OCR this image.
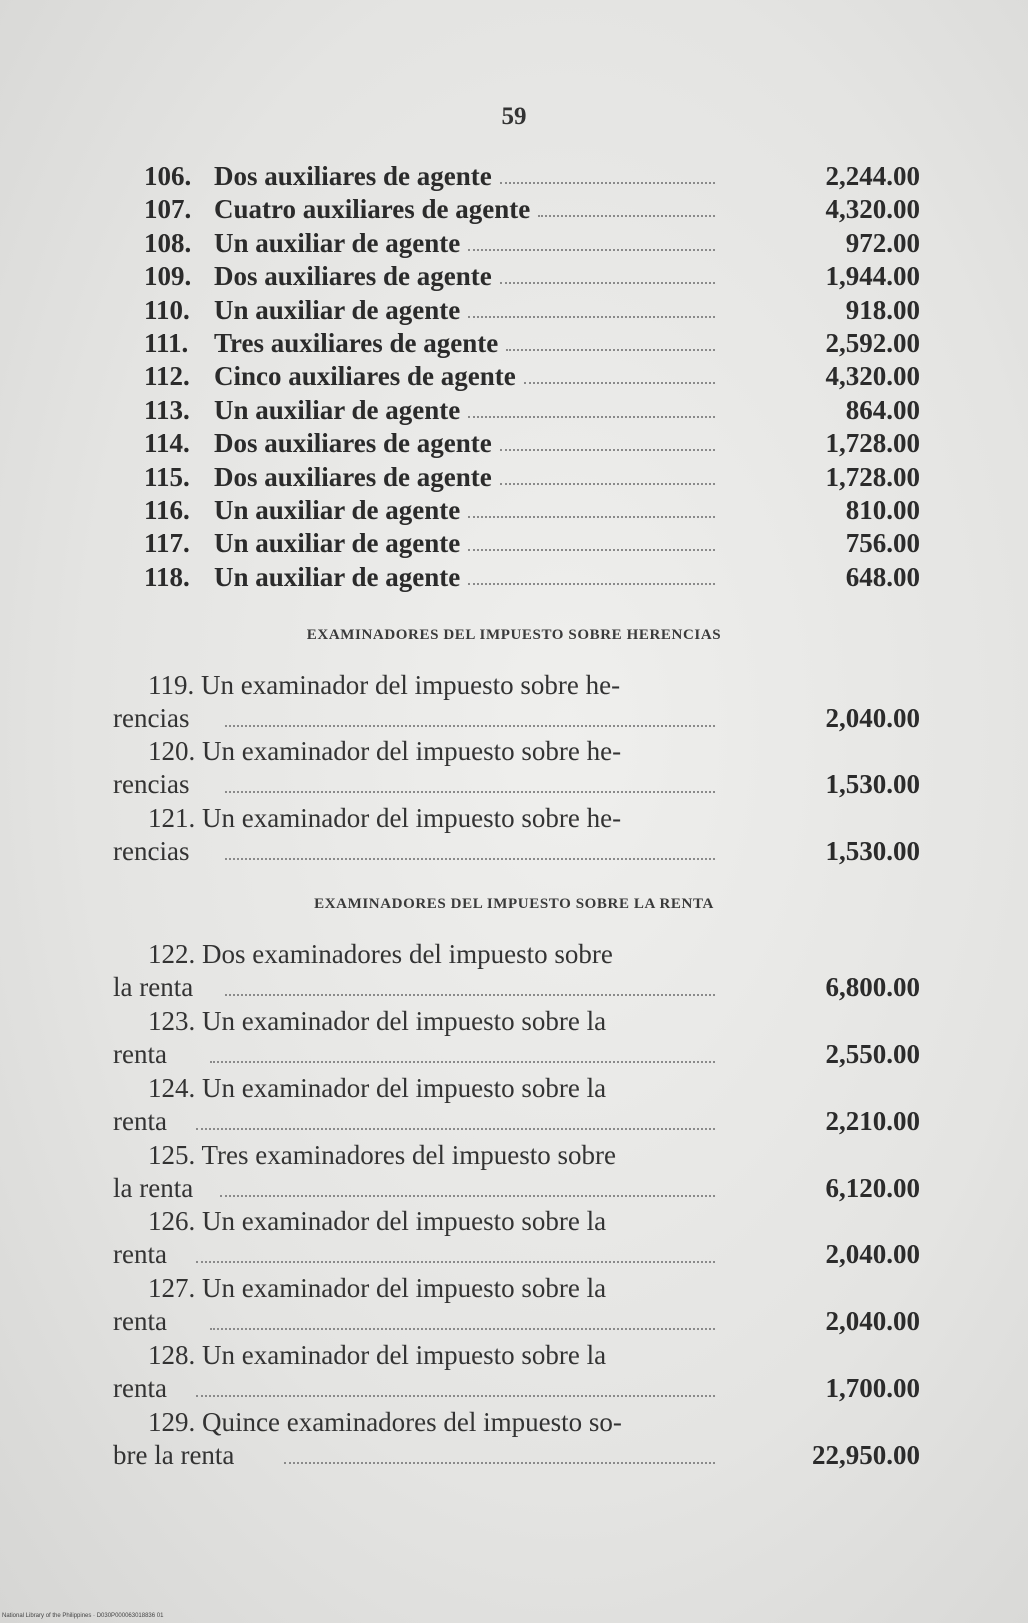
59
106. Dos auxiliares de agente	2,244.00
107. Cuatro auxiliares de agente	4,320.00
108. Un auxiliar de agente	972.00
109. Dos auxiliares de agente	1,944.00
110. Un auxiliar de agente	918.00
111. Tres auxiliares de agente	2,592.00
112. Cinco auxiliares de agente	4,320.00
113. Un auxiliar de agente	864.00
114. Dos auxiliares de agente	1,728.00
115. Dos auxiliares de agente	1,728.00
116. Un auxiliar de agente	810.00
117. Un auxiliar de agente	756.00
118. Un auxiliar de agente	648.00
EXAMINADORES DEL IMPUESTO SOBRE HERENCIAS
119. Un examinador del impuesto sobre he-
rencias	2,040.00
120. Un examinador del impuesto sobre he-
rencias	1,530.00
121. Un examinador del impuesto sobre he-
rencias	1,530.00
EXAMINADORES DEL IMPUESTO SOBRE LA RENTA
122. Dos examinadores del impuesto sobre
la renta	6,800.00
123. Un examinador del impuesto sobre la
renta	2,550.00
124. Un examinador del impuesto sobre la
renta	2,210.00
125. Tres examinadores del impuesto sobre
la renta	6,120.00
126. Un examinador del impuesto sobre la
renta	2,040.00
127. Un examinador del impuesto sobre la
renta	2,040.00
128. Un examinador del impuesto sobre la
renta	1,700.00
129. Quince examinadores del impuesto so-
bre la renta	22,950.00
National Library of the Philippines · D030P000063018836 01
